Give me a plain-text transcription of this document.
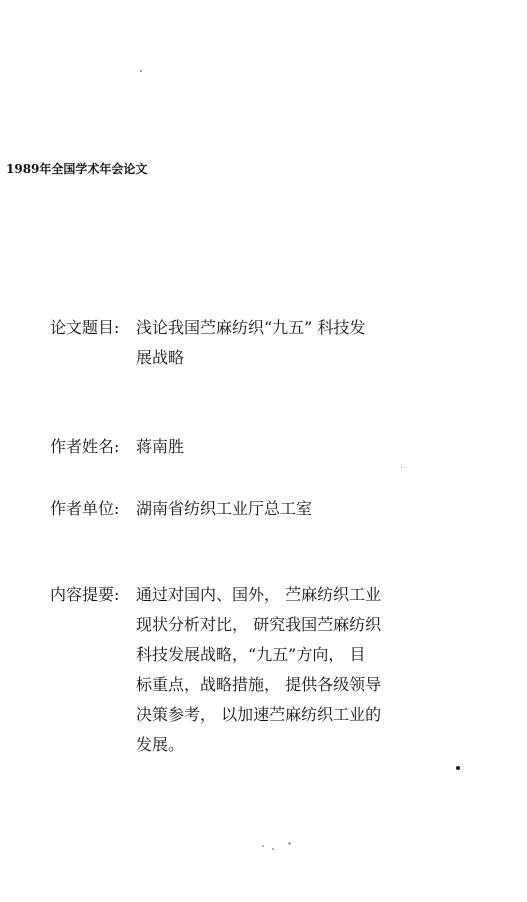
1989年全国学术年会论文
论文题目:	浅论我国苎麻纺织“九五” 科技发
展战略
作者姓名:	蒋南胜
作者单位:	湖南省纺织工业厅总工室
内容提要:	通过对国内、国外， 苎麻纺织工业
现状分析对比， 研究我国苎麻纺织
科技发展战略，“九五”方向， 目
标重点，战略措施， 提供各级领导
决策参考， 以加速苎麻纺织工业的
发展。
